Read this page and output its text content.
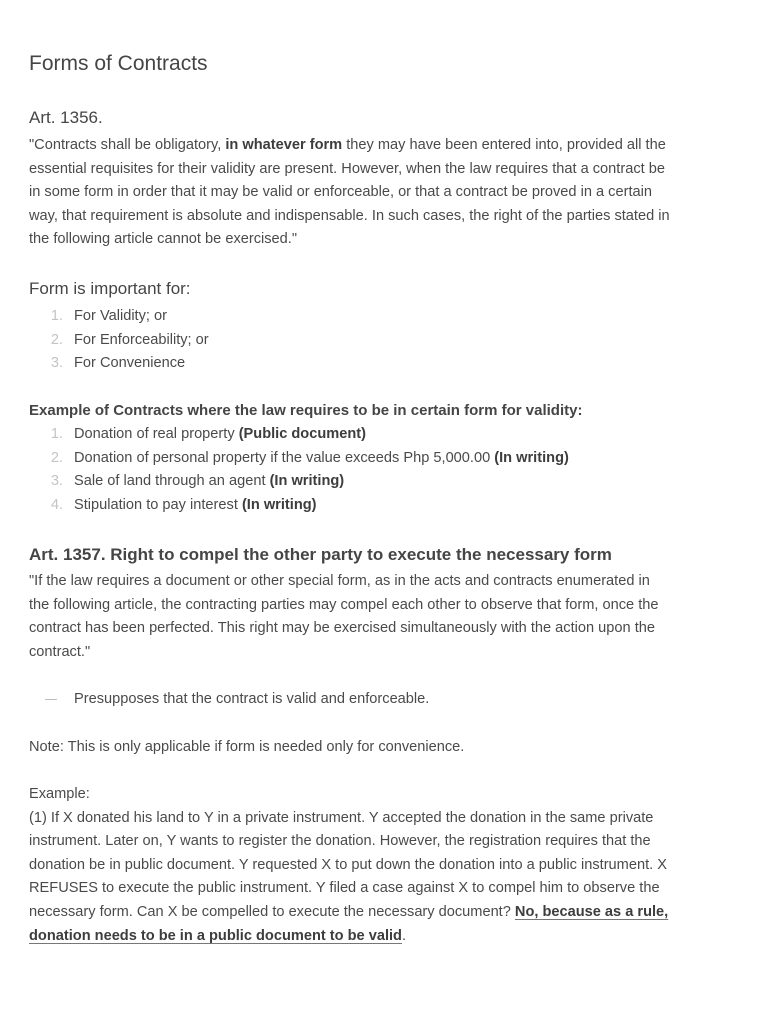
Forms of Contracts
Art. 1356.
"Contracts shall be obligatory, in whatever form they may have been entered into, provided all the
essential requisites for their validity are present. However, when the law requires that a contract be
in some form in order that it may be valid or enforceable, or that a contract be proved in a certain
way, that requirement is absolute and indispensable. In such cases, the right of the parties stated in
the following article cannot be exercised."
Form is important for:
1. For Validity; or
2. For Enforceability; or
3. For Convenience
Example of Contracts where the law requires to be in certain form for validity:
1. Donation of real property (Public document)
2. Donation of personal property if the value exceeds Php 5,000.00 (In writing)
3. Sale of land through an agent (In writing)
4. Stipulation to pay interest (In writing)
Art. 1357. Right to compel the other party to execute the necessary form
"If the law requires a document or other special form, as in the acts and contracts enumerated in
the following article, the contracting parties may compel each other to observe that form, once the
contract has been perfected. This right may be exercised simultaneously with the action upon the
contract."
Presupposes that the contract is valid and enforceable.
Note: This is only applicable if form is needed only for convenience.
Example:
(1) If X donated his land to Y in a private instrument. Y accepted the donation in the same private
instrument. Later on, Y wants to register the donation. However, the registration requires that the
donation be in public document. Y requested X to put down the donation into a public instrument. X
REFUSES to execute the public instrument. Y filed a case against X to compel him to observe the
necessary form. Can X be compelled to execute the necessary document? No, because as a rule,
donation needs to be in a public document to be valid.
